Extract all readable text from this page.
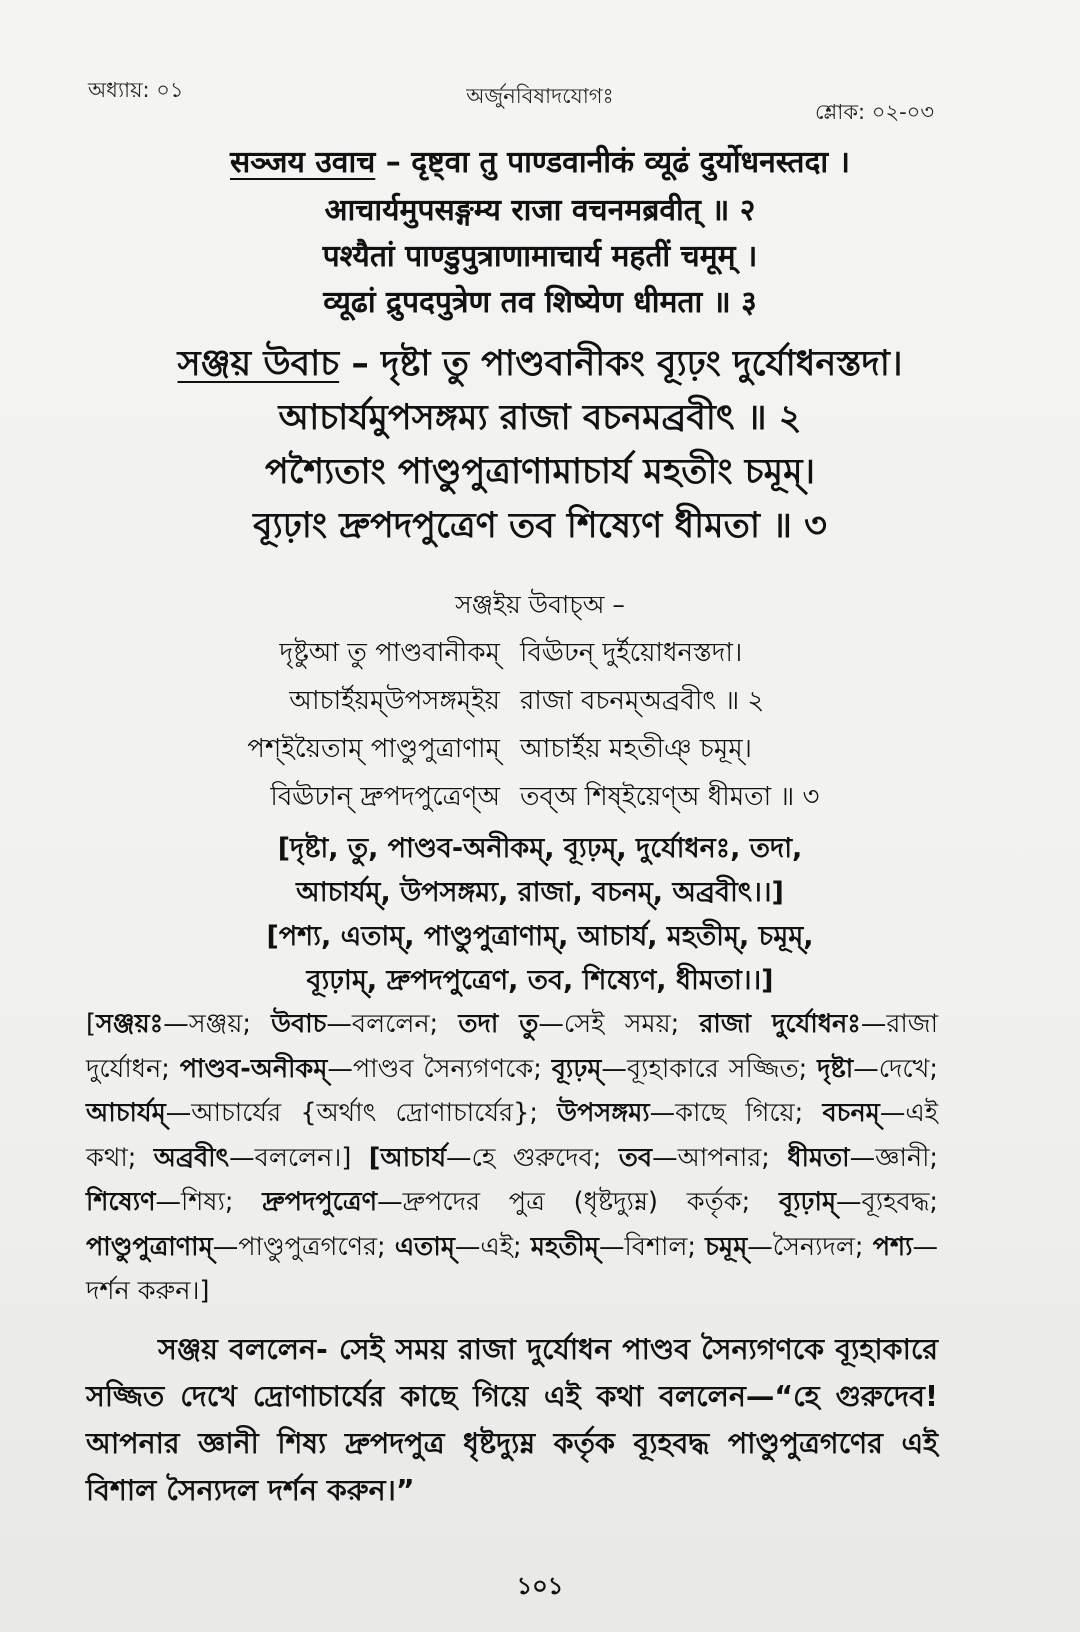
অধ্যায়: ০১	অর্জুনবিষাদযোগঃ
শ্লোক: ০২-০৩
सञ्जय उवाच – दृष्ट्वा तु पाण्डवानीकं व्यूढं दुर्योधनस्तदा ।
आचार्यमुपसङ्गम्य राजा वचनमब्रवीत् ॥ २
पश्यैतां पाण्डुपुत्राणामाचार्य महतीं चमूम् ।
व्यूढां द्रुपदपुत्रेण तव शिष्येण धीमता ॥ ३
সঞ্জয় উবাচ – দৃষ্টা তু পাণ্ডবানীকং ব্যূঢ়ং দুর্যোধনস্তদা।
আচার্যমুপসঙ্গম্য রাজা বচনমব্রবীৎ ॥ ২
পশ্যৈতাং পাণ্ডুপুত্রাণামাচার্য মহতীং চমূম্।
ব্যূঢ়াং দ্রুপদপুত্রেণ তব শিষ্যেণ ধীমতা ॥ ৩
সঞ্জইয় উবাচ্অ –
দৃষ্টুআ তু পাণ্ডবানীকম্ বিঊঢন্ দুর্ইয়োধনস্তদা।
আচার্ইয়ম্উপসঙ্গম্ইয় রাজা বচনম্অব্রবীৎ ॥ ২
পশ্ইয়ৈতাম্ পাণ্ডুপুত্রাণাম্ আচার্ইয় মহতীঞ্ চমূম্।
বিঊঢান্ দ্রুপদপুত্রেণ্অ তব্অ শিষ্ইয়েণ্অ ধীমতা ॥ ৩
[দৃষ্টা, তু, পাণ্ডব-অনীকম্, ব্যূঢ়ম্, দুর্যোধনঃ, তদা,
আচার্যম্, উপসঙ্গম্য, রাজা, বচনম্, অব্রবীৎ।।]
[পশ্য, এতাম্, পাণ্ডুপুত্রাণাম্, আচার্য, মহতীম্, চমূম্,
ব্যূঢ়াম্, দ্রুপদপুত্রেণ, তব, শিষ্যেণ, ধীমতা।।]
[সঞ্জয়ঃ—সঞ্জয়; উবাচ—বললেন; তদা তু—সেই সময়; রাজা দুর্যোধনঃ—রাজা দুর্যোধন; পাণ্ডব-অনীকম্—পাণ্ডব সৈন্যগণকে; ব্যূঢ়ম্—ব্যূহাকারে সজ্জিত; দৃষ্টা—দেখে; আচার্যম্—আচার্যের {অর্থাৎ দ্রোণাচার্যের}; উপসঙ্গম্য—কাছে গিয়ে; বচনম্—এই কথা; অব্রবীৎ—বললেন।] [আচার্য—হে গুরুদেব; তব—আপনার; ধীমতা—জ্ঞানী; শিষ্যেণ—শিষ্য; দ্রুপদপুত্রেণ—দ্রুপদের পুত্র (ধৃষ্টদ্যুম্ন) কর্তৃক; ব্যূঢ়াম্—ব্যূহবদ্ধ; পাণ্ডুপুত্রাণাম্—পাণ্ডুপুত্রগণের; এতাম্—এই; মহতীম্—বিশাল; চমূম্—সৈন্যদল; পশ্য—দর্শন করুন।]
সঞ্জয় বললেন- সেই সময় রাজা দুর্যোধন পাণ্ডব সৈন্যগণকে ব্যূহাকারে সজ্জিত দেখে দ্রোণাচার্যের কাছে গিয়ে এই কথা বললেন—“হে গুরুদেব! আপনার জ্ঞানী শিষ্য দ্রুপদপুত্র ধৃষ্টদ্যুম্ন কর্তৃক ব্যূহবদ্ধ পাণ্ডুপুত্রগণের এই বিশাল সৈন্যদল দর্শন করুন।”
১০১
